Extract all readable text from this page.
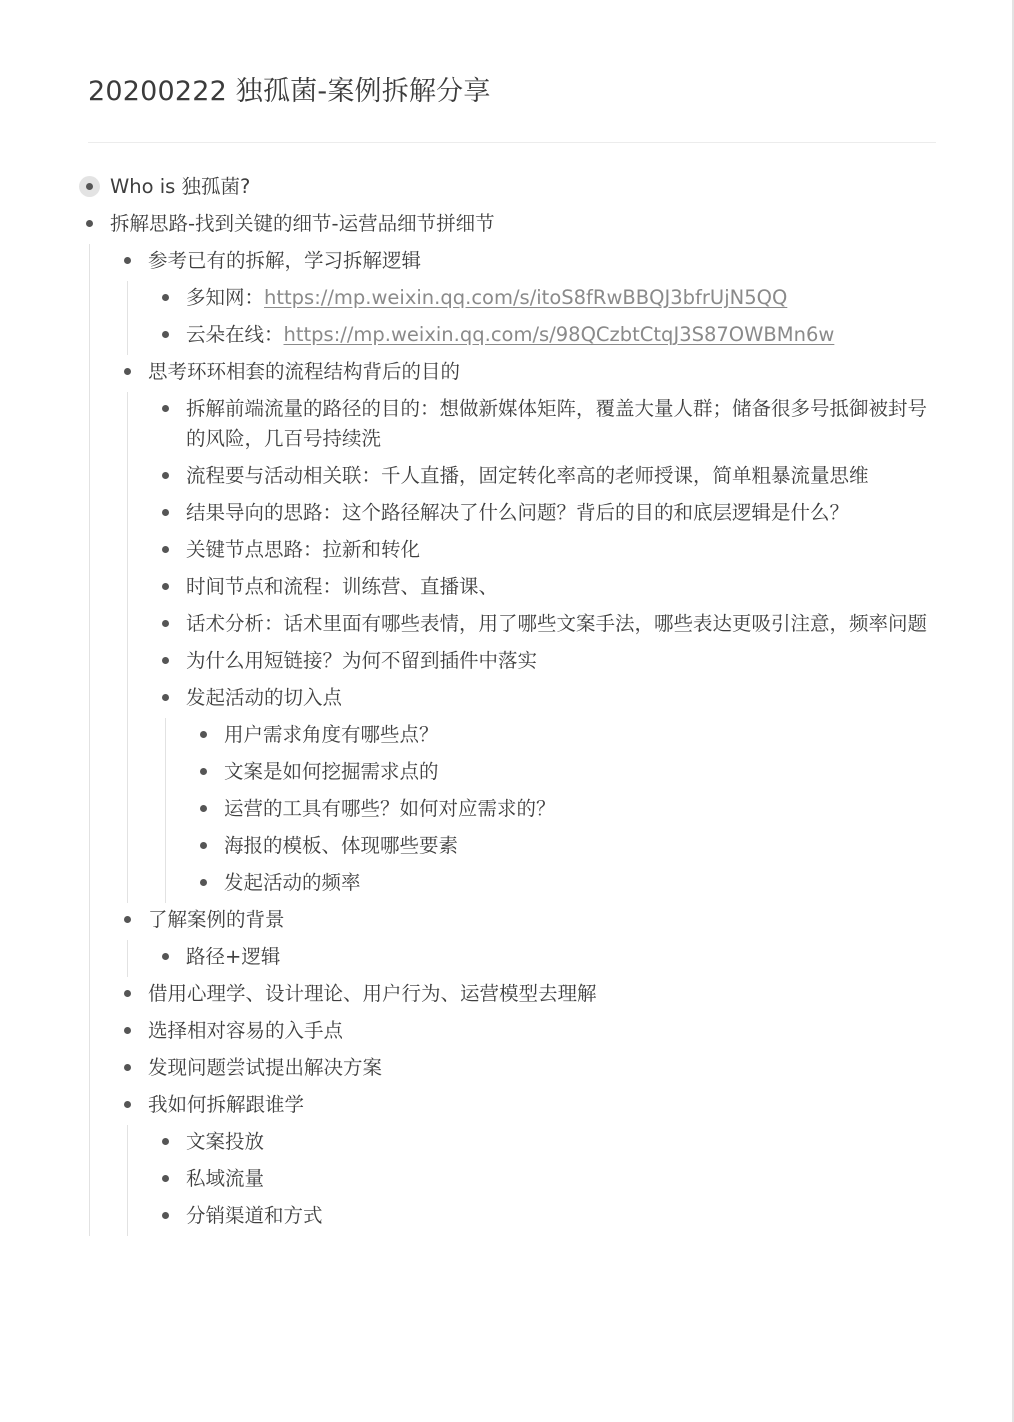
20200222 独孤菌-案例拆解分享
Who is 独孤菌?
拆解思路-找到关键的细节-运营品细节拼细节
参考已有的拆解，学习拆解逻辑
多知网：https://mp.weixin.qq.com/s/itoS8fRwBBQJ3bfrUjN5QQ
云朵在线：https://mp.weixin.qq.com/s/98QCzbtCtqJ3S87OWBMn6w
思考环环相套的流程结构背后的目的
拆解前端流量的路径的目的：想做新媒体矩阵，覆盖大量人群；储备很多号抵御被封号的风险，几百号持续洗
流程要与活动相关联：千人直播，固定转化率高的老师授课，简单粗暴流量思维
结果导向的思路：这个路径解决了什么问题？背后的目的和底层逻辑是什么？
关键节点思路：拉新和转化
时间节点和流程：训练营、直播课、
话术分析：话术里面有哪些表情，用了哪些文案手法，哪些表达更吸引注意，频率问题
为什么用短链接？为何不留到插件中落实
发起活动的切入点
用户需求角度有哪些点？
文案是如何挖掘需求点的
运营的工具有哪些？如何对应需求的？
海报的模板、体现哪些要素
发起活动的频率
了解案例的背景
路径+逻辑
借用心理学、设计理论、用户行为、运营模型去理解
选择相对容易的入手点
发现问题尝试提出解决方案
我如何拆解跟谁学
文案投放
私域流量
分销渠道和方式
